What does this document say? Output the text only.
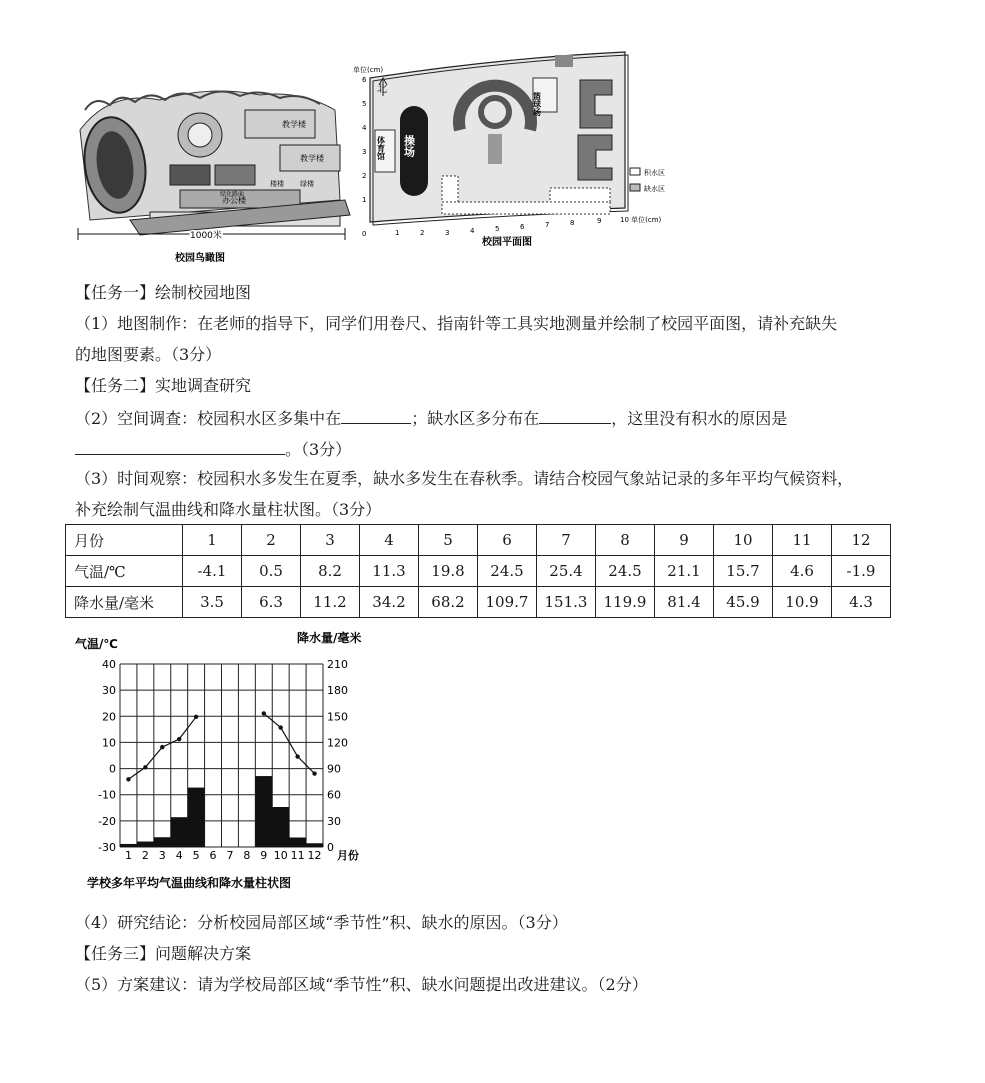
教学楼
教学楼
办公楼
绿化路面
楼楼 绿楼
1000米
校园鸟瞰图
单位(cm)
6
5
4
3
2
1
0
北
篮球场
体育馆 操场
积水区
缺水区
1	2	3	4	5	6	7	8	9	10 单位(cm)
校园平面图
【任务一】绘制校园地图
（1）地图制作：在老师的指导下，同学们用卷尺、指南针等工具实地测量并绘制了校园平面图，请补充缺失
的地图要素。（3分）
【任务二】实地调查研究
（2）空间调查：校园积水区多集中在	；缺水区多分布在	，这里没有积水的原因是
。（3分）
（3）时间观察：校园积水多发生在夏季，缺水多发生在春秋季。请结合校园气象站记录的多年平均气候资料，
补充绘制气温曲线和降水量柱状图。（3分）
月份	1	2	3	4	5	6	7	8	9	10	11	12
气温/℃	-4.1	0.5	8.2	11.3	19.8	24.5	25.4	24.5	21.1	15.7	4.6	-1.9
降水量/毫米	3.5	6.3	11.2	34.2	68.2	109.7	151.3	119.9	81.4	45.9	10.9	4.3
气温/℃	降水量/毫米
月份
学校多年平均气温曲线和降水量柱状图
40
30
20
10
0
-10
-20
-30
210
180
150
120
90
60
30
0
1 2 3 4 5 6 7 8 9 10 11 12
（4）研究结论：分析校园局部区域“季节性”积、缺水的原因。（3分）
【任务三】问题解决方案
（5）方案建议：请为学校局部区域“季节性”积、缺水问题提出改进建议。（2分）
